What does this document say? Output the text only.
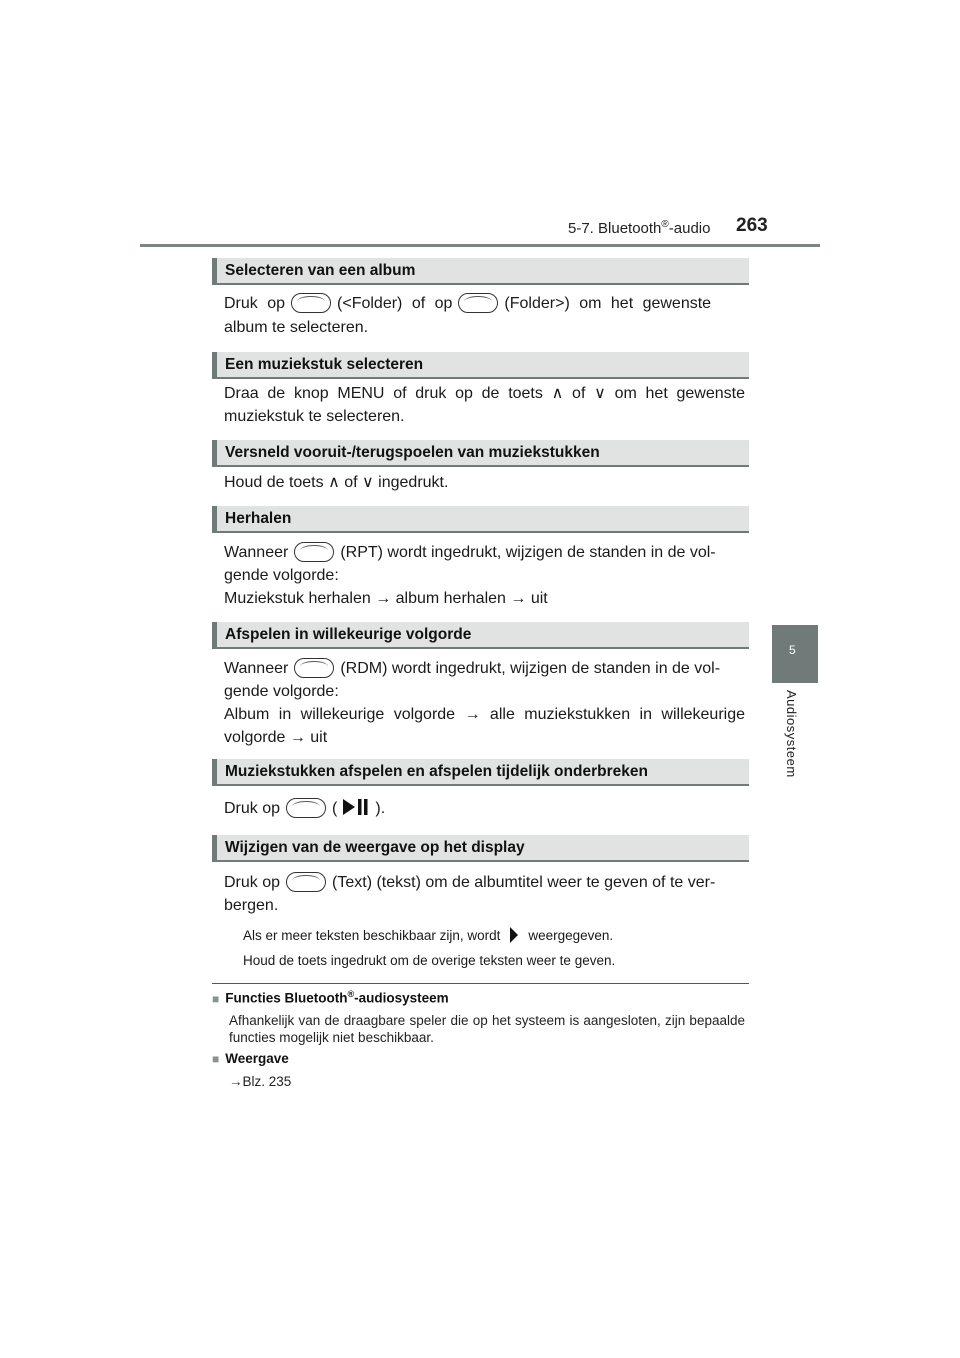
5-7. Bluetooth®-audio 263
5
Audiosysteem
Selecteren van een album
Druk op	(<Folder) of op	(Folder>) om het gewenste
album te selecteren.
Een muziekstuk selecteren
Draa de knop MENU of druk op de toets ∧ of ∨ om het gewenste muziekstuk te selecteren.
Versneld vooruit-/terugspoelen van muziekstukken
Houd de toets ∧ of ∨ ingedrukt.
Herhalen
Wanneer	(RPT) wordt ingedrukt, wijzigen de standen in de vol-
gende volgorde:
Muziekstuk herhalen → album herhalen → uit
Afspelen in willekeurige volgorde
Wanneer	(RDM) wordt ingedrukt, wijzigen de standen in de vol-
gende volgorde:
Album in willekeurige volgorde → alle muziekstukken in willekeurige volgorde → uit
Muziekstukken afspelen en afspelen tijdelijk onderbreken
Druk op	( ).
Wijzigen van de weergave op het display
Druk op	(Text) (tekst) om de albumtitel weer te geven of te ver-
bergen.
Als er meer teksten beschikbaar zijn, wordt weergegeven.
Houd de toets ingedrukt om de overige teksten weer te geven.
■ Functies Bluetooth®-audiosysteem
Afhankelijk van de draagbare speler die op het systeem is aangesloten, zijn bepaalde functies mogelijk niet beschikbaar.
■ Weergave
→Blz. 235
